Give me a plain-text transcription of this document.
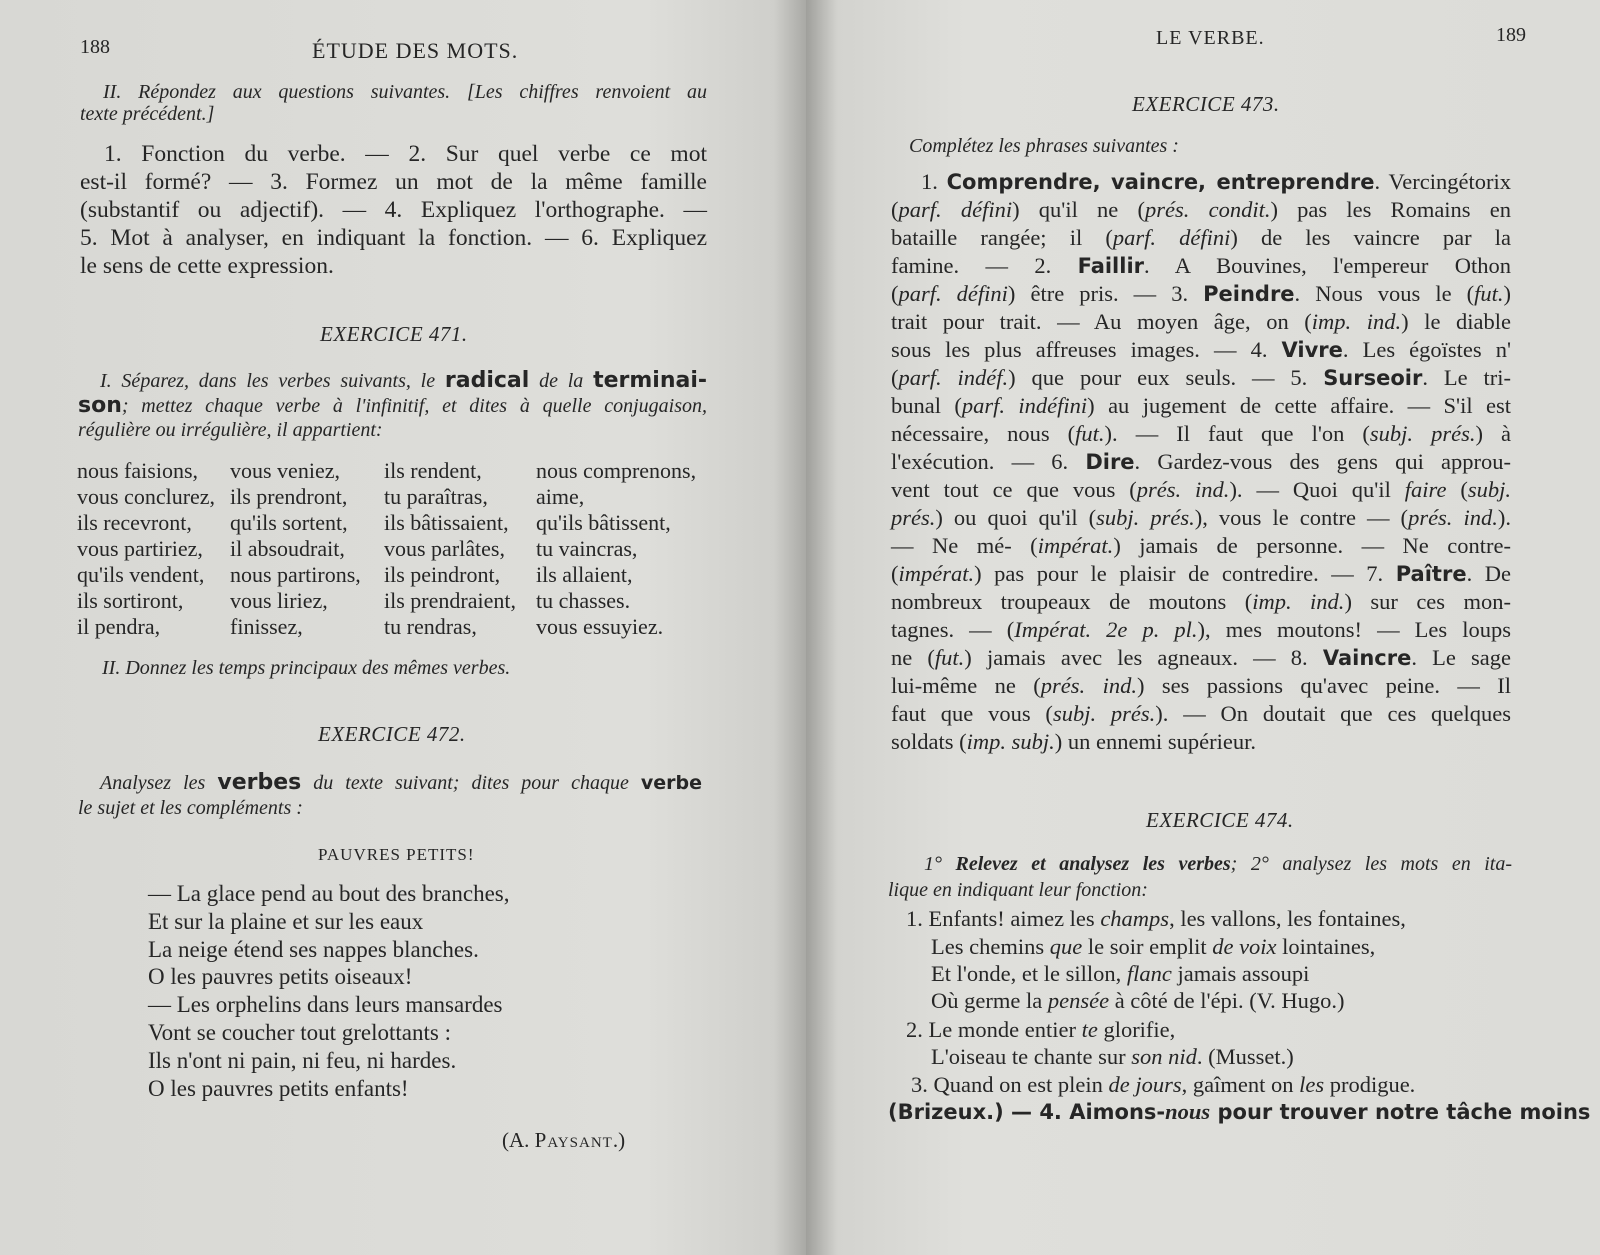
188	ÉTUDE DES MOTS.
II. Répondez aux questions suivantes. [Les chiffres renvoient au
texte précédent.]
1. Fonction du verbe. — 2. Sur quel verbe ce mot
est-il formé? — 3. Formez un mot de la même famille
(substantif ou adjectif). — 4. Expliquez l'orthographe. —
5. Mot à analyser, en indiquant la fonction. — 6. Expliquez
le sens de cette expression.
EXERCICE 471.
I. Séparez, dans les verbes suivants, le radical de la terminai-
son; mettez chaque verbe à l'infinitif, et dites à quelle conjugaison,
régulière ou irrégulière, il appartient:
nous faisions,	vous veniez,	ils rendent,	nous comprenons,
vous conclurez,	ils prendront,	tu paraîtras,	aime,
ils recevront,	qu'ils sortent,	ils bâtissaient,	qu'ils bâtissent,
vous partiriez,	il absoudrait,	vous parlâtes,	tu vaincras,
qu'ils vendent,	nous partirons,	ils peindront,	ils allaient,
ils sortiront,	vous liriez,	ils prendraient,	tu chasses.
il pendra,	finissez,	tu rendras,	vous essuyiez.
II. Donnez les temps principaux des mêmes verbes.
EXERCICE 472.
Analysez les verbes du texte suivant; dites pour chaque verbe
le sujet et les compléments :
PAUVRES PETITS!
— La glace pend au bout des branches,
Et sur la plaine et sur les eaux
La neige étend ses nappes blanches.
O les pauvres petits oiseaux!
— Les orphelins dans leurs mansardes
Vont se coucher tout grelottants :
Ils n'ont ni pain, ni feu, ni hardes.
O les pauvres petits enfants!
(A. Paysant.)
LE VERBE.	189
EXERCICE 473.
Complétez les phrases suivantes :
1. Comprendre, vaincre, entreprendre. Vercingétorix
(parf. défini) qu'il ne (prés. condit.) pas les Romains en
bataille rangée; il (parf. défini) de les vaincre par la
famine. — 2. Faillir. A Bouvines, l'empereur Othon
(parf. défini) être pris. — 3. Peindre. Nous vous le (fut.)
trait pour trait. — Au moyen âge, on (imp. ind.) le diable
sous les plus affreuses images. — 4. Vivre. Les égoïstes n'
(parf. indéf.) que pour eux seuls. — 5. Surseoir. Le tri-
bunal (parf. indéfini) au jugement de cette affaire. — S'il est
nécessaire, nous (fut.). — Il faut que l'on (subj. prés.) à
l'exécution. — 6. Dire. Gardez-vous des gens qui approu-
vent tout ce que vous (prés. ind.). — Quoi qu'il faire (subj.
prés.) ou quoi qu'il (subj. prés.), vous le contre — (prés. ind.).
— Ne mé- (impérat.) jamais de personne. — Ne contre-
(impérat.) pas pour le plaisir de contredire. — 7. Paître. De
nombreux troupeaux de moutons (imp. ind.) sur ces mon-
tagnes. — (Impérat. 2e p. pl.), mes moutons! — Les loups
ne (fut.) jamais avec les agneaux. — 8. Vaincre. Le sage
lui-même ne (prés. ind.) ses passions qu'avec peine. — Il
faut que vous (subj. prés.). — On doutait que ces quelques
soldats (imp. subj.) un ennemi supérieur.
EXERCICE 474.
1° Relevez et analysez les verbes; 2° analysez les mots en ita-
lique en indiquant leur fonction:
1. Enfants! aimez les champs, les vallons, les fontaines,
Les chemins que le soir emplit de voix lointaines,
Et l'onde, et le sillon, flanc jamais assoupi
Où germe la pensée à côté de l'épi. (V. Hugo.)
2. Le monde entier te glorifie,
L'oiseau te chante sur son nid. (Musset.)
3. Quand on est plein de jours, gaîment on les prodigue.
(Brizeux.) — 4. Aimons-nous pour trouver notre tâche moins
